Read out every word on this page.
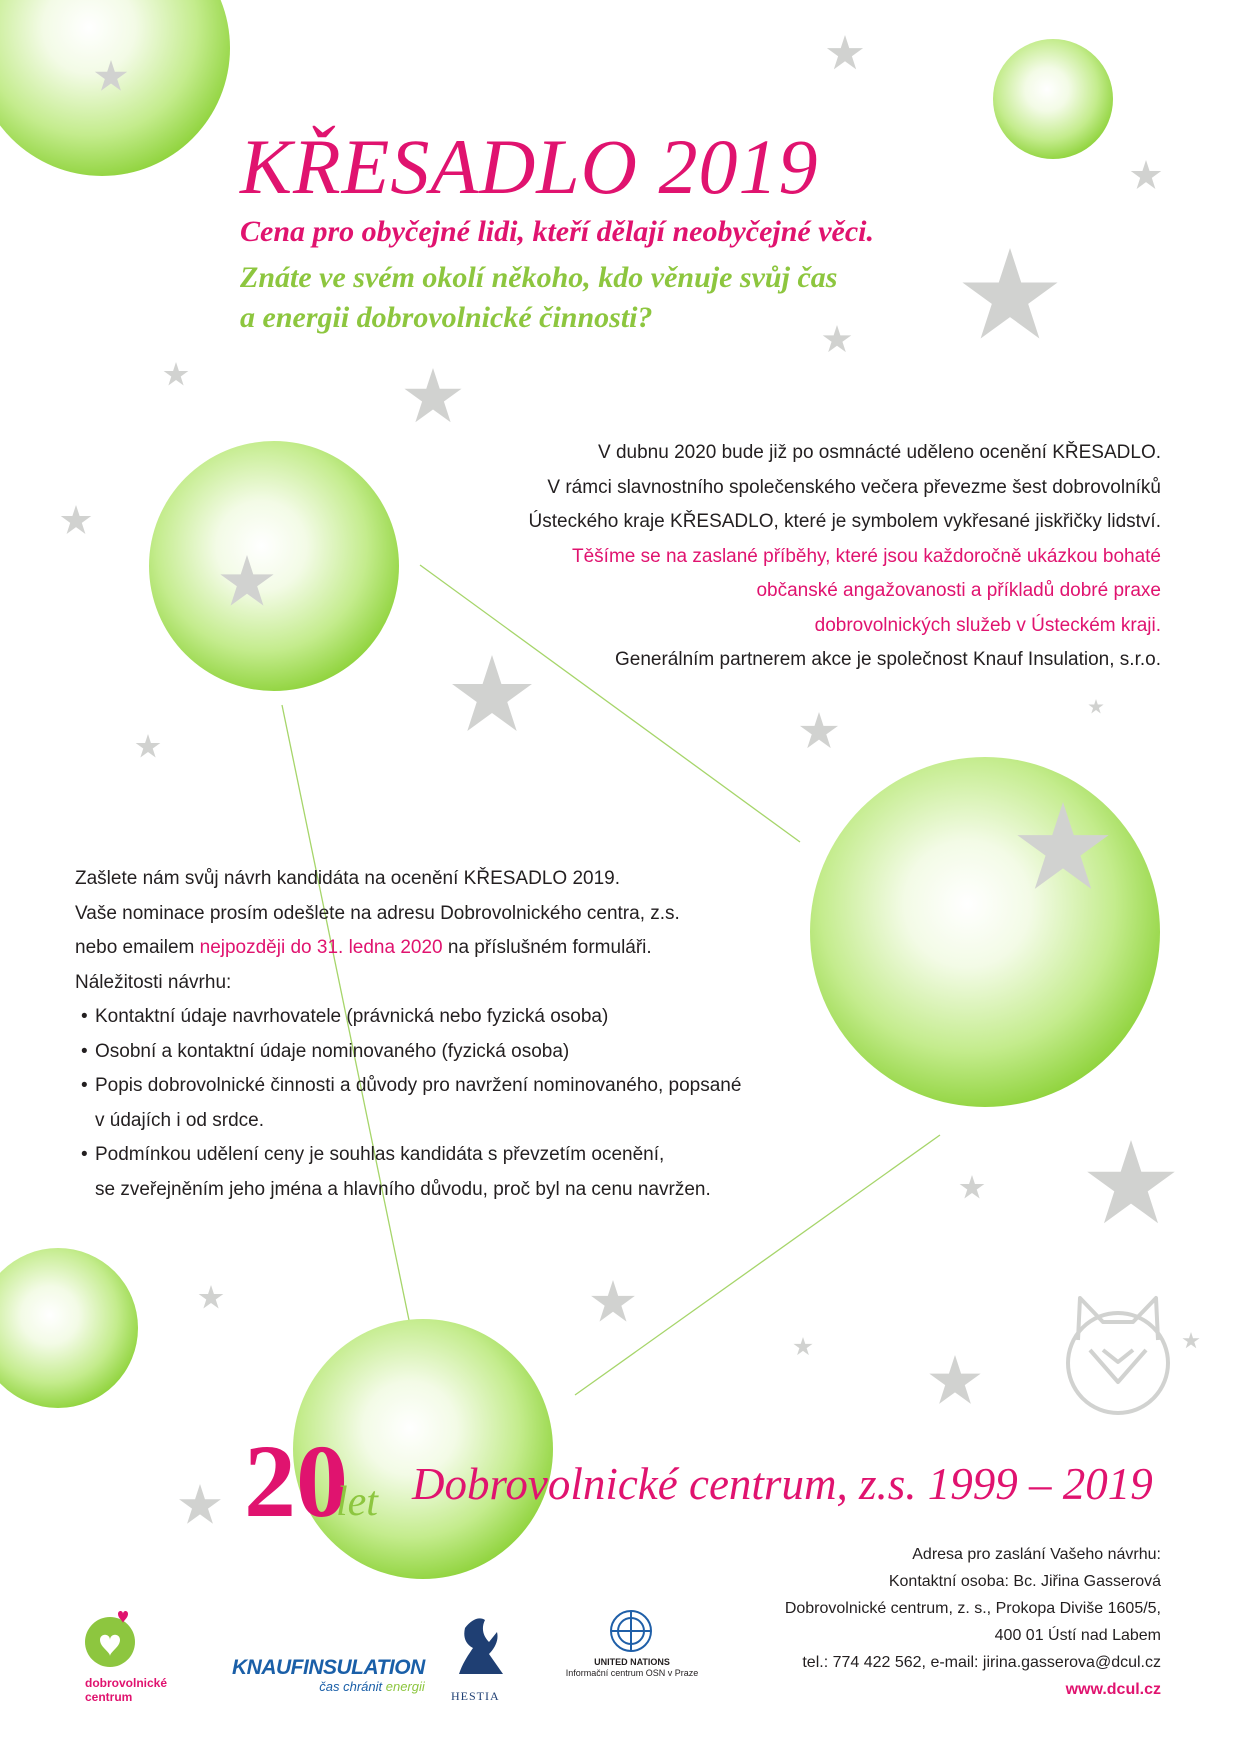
KŘESADLO 2019
Cena pro obyčejné lidi, kteří dělají neobyčejné věci.
Znáte ve svém okolí někoho, kdo věnuje svůj čas
a energii dobrovolnické činnosti?

V dubnu 2020 bude již po osmnácté uděleno ocenění KŘESADLO.

V rámci slavnostního společenského večera převezme šest dobrovolníků

Ústeckého kraje KŘESADLO, které je symbolem vykřesané jiskřičky lidství.

Těšíme se na zaslané příběhy, které jsou každoročně ukázkou bohaté

občanské angažovanosti a příkladů dobré praxe

dobrovolnických služeb v Ústeckém kraji.

Generálním partnerem akce je společnost Knauf Insulation, s.r.o.

Zašlete nám svůj návrh kandidáta na ocenění KŘESADLO 2019.

Vaše nominace prosím odešlete na adresu Dobrovolnického centra, z.s.

nebo emailem nejpozději do 31. ledna 2020 na příslušném formuláři.

Náležitosti návrhu:

• Kontaktní údaje navrhovatele (právnická nebo fyzická osoba)
• Osobní a kontaktní údaje nominovaného (fyzická osoba)
• Popis dobrovolnické činnosti a důvody pro navržení nominovaného, popsané
v údajích i od srdce.
• Podmínkou udělení ceny je souhlas kandidáta s převzetím ocenění,
se zveřejněním jeho jména a hlavního důvodu, proč byl na cenu navržen.
20
let Dobrovolnické centrum, z.s. 1999 – 2019
Adresa pro zaslání Vašeho návrhu:
Kontaktní osoba: Bc. Jiřina Gasserová
Dobrovolnické centrum, z. s., Prokopa Diviše 1605/5,
400 01 Ústí nad Labem
tel.: 774 422 562, e-mail: jirina.gasserova@dcul.cz
www.dcul.cz
dobrovolnické
centrum
KNAUFINSULATION
čas chránit energii
HESTIA
UNITED NATIONS
Informační centrum OSN v Praze
